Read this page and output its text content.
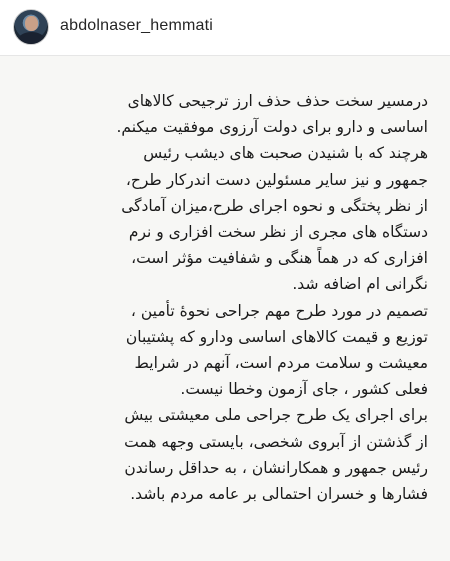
abdolnaser_hemmati
درمسیر سخت حذف حذف ارز ترجیحی کالاهای
اساسی و دارو برای دولت آرزوی موفقیت میکنم.
هرچند که با شنیدن صحبت های دیشب رئیس
جمهور و نیز سایر مسئولین دست اندرکار طرح،
از نظر پختگی و نحوه اجرای طرح،میزان آمادگی
دستگاه های مجری از نظر سخت افزاری و نرم
افزاری که در هماً هنگی و شفافیت مؤثر است،
نگرانی ام اضافه شد.
تصمیم در مورد طرح مهم جراحی نحوهٔ تأمین ،
توزیع و قیمت کالاهای اساسی ودارو که پشتیبان
معیشت و سلامت مردم است، آنهم در شرایط
فعلی کشور ، جای آزمون وخطا نیست.
برای اجرای یک طرح جراحی ملی معیشتی بیش
از گذشتن از آبروی شخصی، بایستی وجهه همت
رئیس جمهور و همکارانشان ، به حداقل رساندن
فشارها و خسران احتمالی بر عامه مردم باشد.
